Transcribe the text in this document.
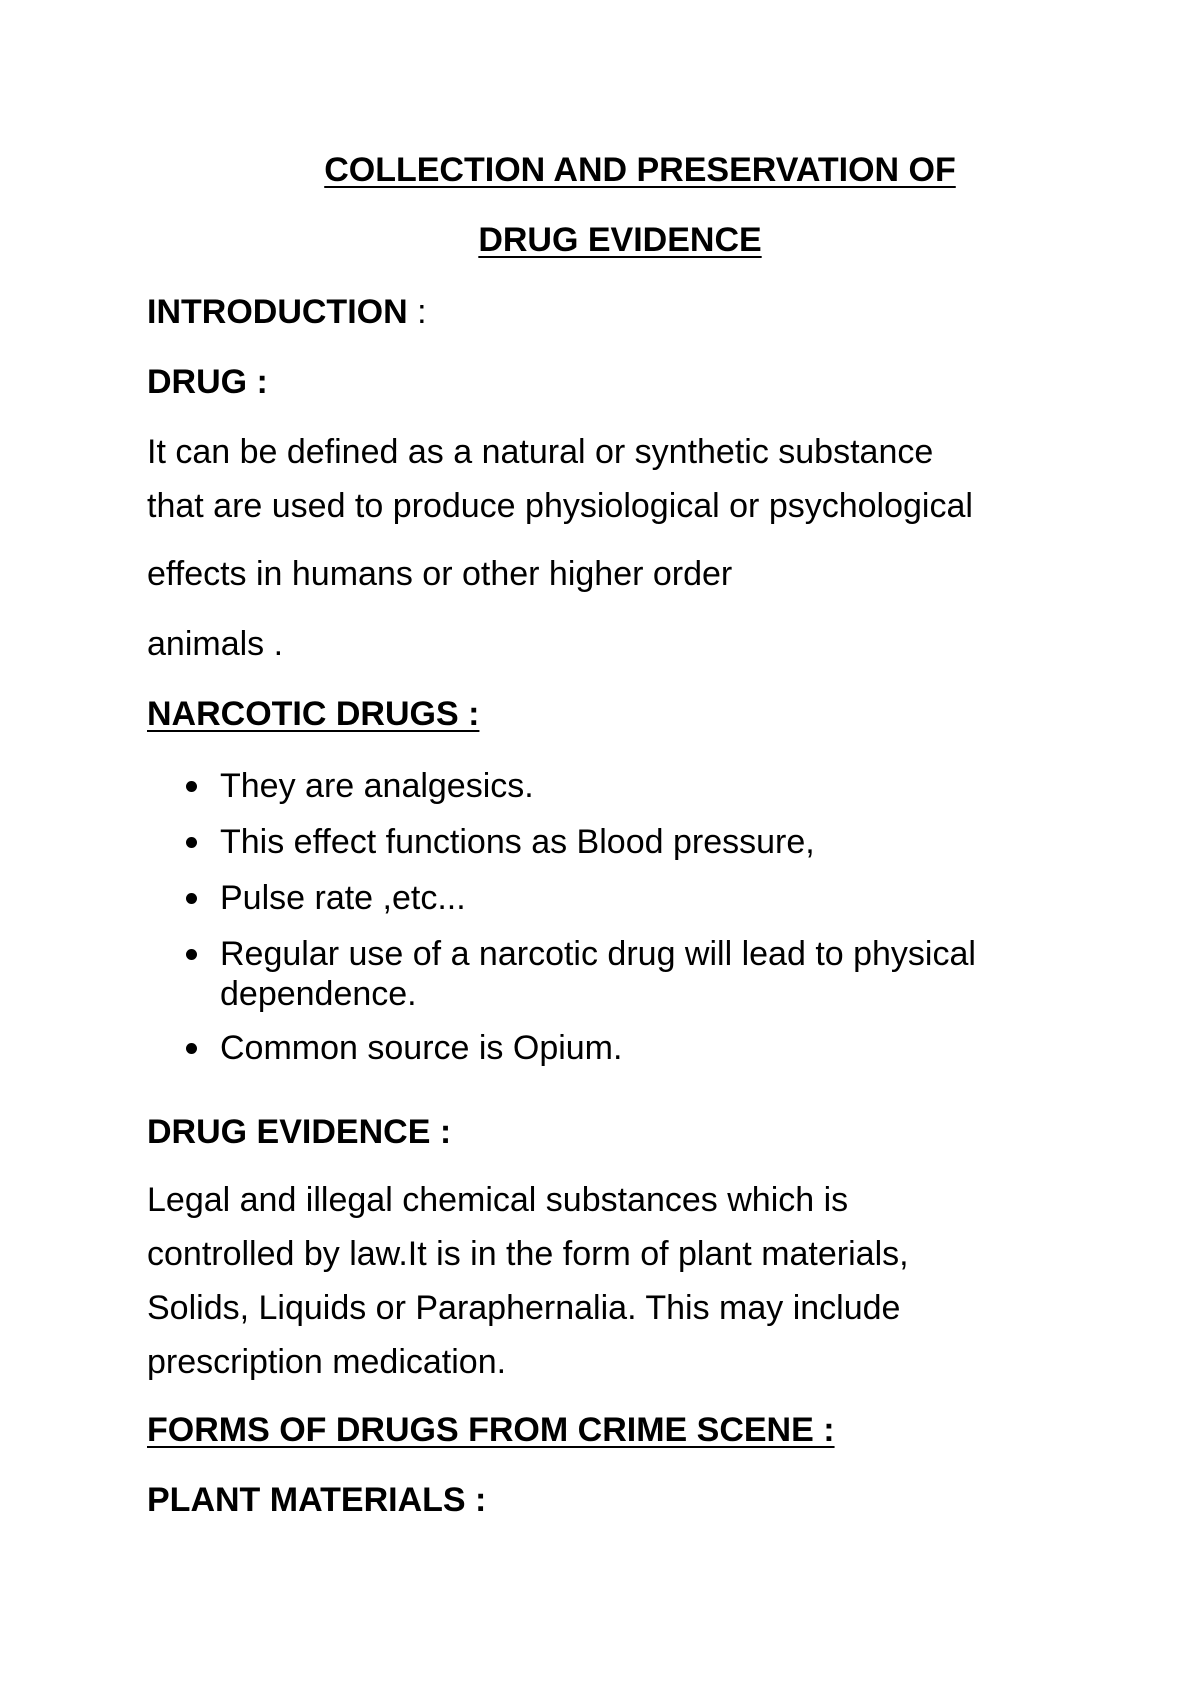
COLLECTION AND PRESERVATION OF

DRUG EVIDENCE

INTRODUCTION :

DRUG :

It can be defined as a natural or synthetic substance

that are used to produce physiological or psychological

effects in humans or other higher order

animals .

NARCOTIC DRUGS :

They are analgesics.
This effect functions as Blood pressure,
Pulse rate ,etc...
Regular use of a narcotic drug will lead to physical
dependence.
Common source is Opium.

DRUG EVIDENCE :

Legal and illegal chemical substances which is

controlled by law.It is in the form of plant materials,

Solids, Liquids or Paraphernalia. This may include

prescription medication.

FORMS OF DRUGS FROM CRIME SCENE :

PLANT MATERIALS :
